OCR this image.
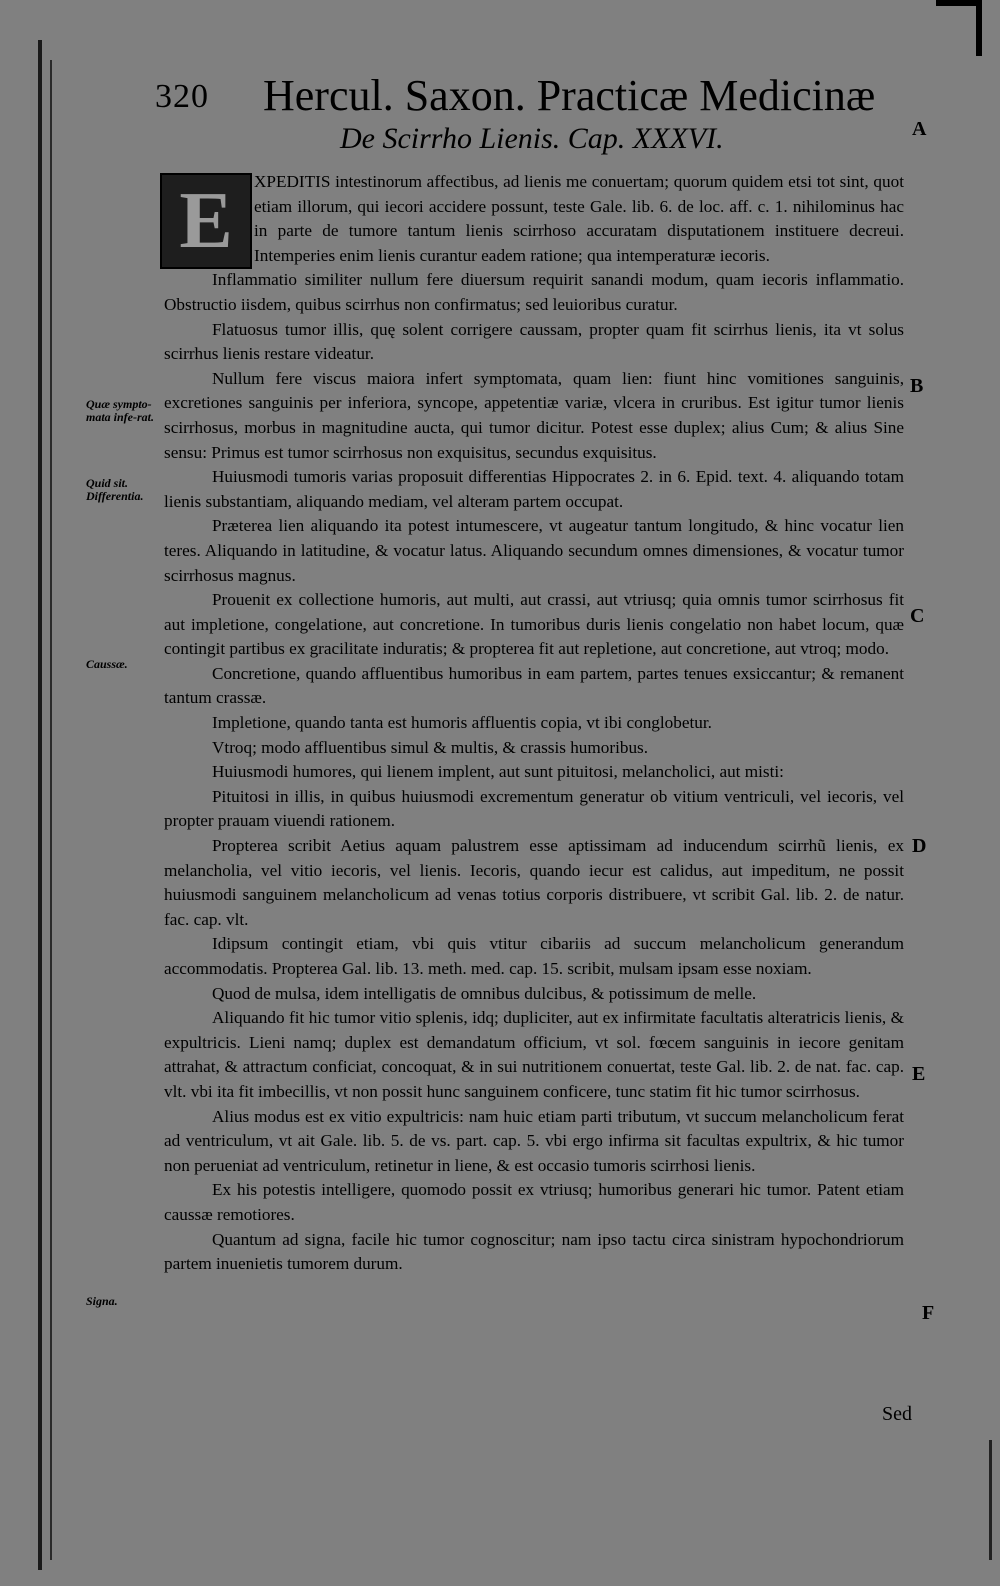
320 Hercul. Saxon. Practicæ Medicinæ
De Scirrho Lienis. Cap. XXXVI.	A
B
C
D
E
F
Quæ sympto-mata infe-rat.
Quid sit. Differentia.
Caussæ.
Signa.
E	XPEDITIS intestinorum affectibus, ad lienis me conuertam; quorum quidem etsi tot sint, quot etiam illorum, qui iecori accidere possunt, teste Gale. lib. 6. de loc. aff. c. 1. nihilominus hac in parte de tumore tantum lienis scirrhoso accuratam disputationem instituere decreui. Intemperies enim lienis curantur eadem ratione; qua intemperaturæ iecoris.

Inflammatio similiter nullum fere diuersum requirit sanandi modum, quam iecoris inflammatio. Obstructio iisdem, quibus scirrhus non confirmatus; sed leuioribus curatur.

Flatuosus tumor illis, quę solent corrigere caussam, propter quam fit scirrhus lienis, ita vt solus scirrhus lienis restare videatur.

Nullum fere viscus maiora infert symptomata, quam lien: fiunt hinc vomitiones sanguinis, excretiones sanguinis per inferiora, syncope, appetentiæ variæ, vlcera in cruribus. Est igitur tumor lienis scirrhosus, morbus in magnitudine aucta, qui tumor dicitur. Potest esse duplex; alius Cum; & alius Sine sensu: Primus est tumor scirrhosus non exquisitus, secundus exquisitus.

Huiusmodi tumoris varias proposuit differentias Hippocrates 2. in 6. Epid. text. 4. aliquando totam lienis substantiam, aliquando mediam, vel alteram partem occupat.

Præterea lien aliquando ita potest intumescere, vt augeatur tantum longitudo, & hinc vocatur lien teres. Aliquando in latitudine, & vocatur latus. Aliquando secundum omnes dimensiones, & vocatur tumor scirrhosus magnus.

Prouenit ex collectione humoris, aut multi, aut crassi, aut vtriusq; quia omnis tumor scirrhosus fit aut impletione, congelatione, aut concretione. In tumoribus duris lienis congelatio non habet locum, quæ contingit partibus ex gracilitate induratis; & propterea fit aut repletione, aut concretione, aut vtroq; modo.

Concretione, quando affluentibus humoribus in eam partem, partes tenues exsiccantur; & remanent tantum crassæ.

Impletione, quando tanta est humoris affluentis copia, vt ibi conglobetur.

Vtroq; modo affluentibus simul & multis, & crassis humoribus.

Huiusmodi humores, qui lienem implent, aut sunt pituitosi, melancholici, aut misti:

Pituitosi in illis, in quibus huiusmodi excrementum generatur ob vitium ventriculi, vel iecoris, vel propter prauam viuendi rationem.

Propterea scribit Aetius aquam palustrem esse aptissimam ad inducendum scirrhũ lienis, ex melancholia, vel vitio iecoris, vel lienis. Iecoris, quando iecur est calidus, aut impeditum, ne possit huiusmodi sanguinem melancholicum ad venas totius corporis distribuere, vt scribit Gal. lib. 2. de natur. fac. cap. vlt.

Idipsum contingit etiam, vbi quis vtitur cibariis ad succum melancholicum generandum accommodatis. Propterea Gal. lib. 13. meth. med. cap. 15. scribit, mulsam ipsam esse noxiam.

Quod de mulsa, idem intelligatis de omnibus dulcibus, & potissimum de melle.

Aliquando fit hic tumor vitio splenis, idq; dupliciter, aut ex infirmitate facultatis alteratricis lienis, & expultricis. Lieni namq; duplex est demandatum officium, vt sol. fœcem sanguinis in iecore genitam attrahat, & attractum conficiat, concoquat, & in sui nutritionem conuertat, teste Gal. lib. 2. de nat. fac. cap. vlt. vbi ita fit imbecillis, vt non possit hunc sanguinem conficere, tunc statim fit hic tumor scirrhosus.

Alius modus est ex vitio expultricis: nam huic etiam parti tributum, vt succum melancholicum ferat ad ventriculum, vt ait Gale. lib. 5. de vs. part. cap. 5. vbi ergo infirma sit facultas expultrix, & hic tumor non perueniat ad ventriculum, retinetur in liene, & est occasio tumoris scirrhosi lienis.

Ex his potestis intelligere, quomodo possit ex vtriusq; humoribus generari hic tumor. Patent etiam caussæ remotiores.

Quantum ad signa, facile hic tumor cognoscitur; nam ipso tactu circa sinistram hypochondriorum partem inuenietis tumorem durum.

Sed
